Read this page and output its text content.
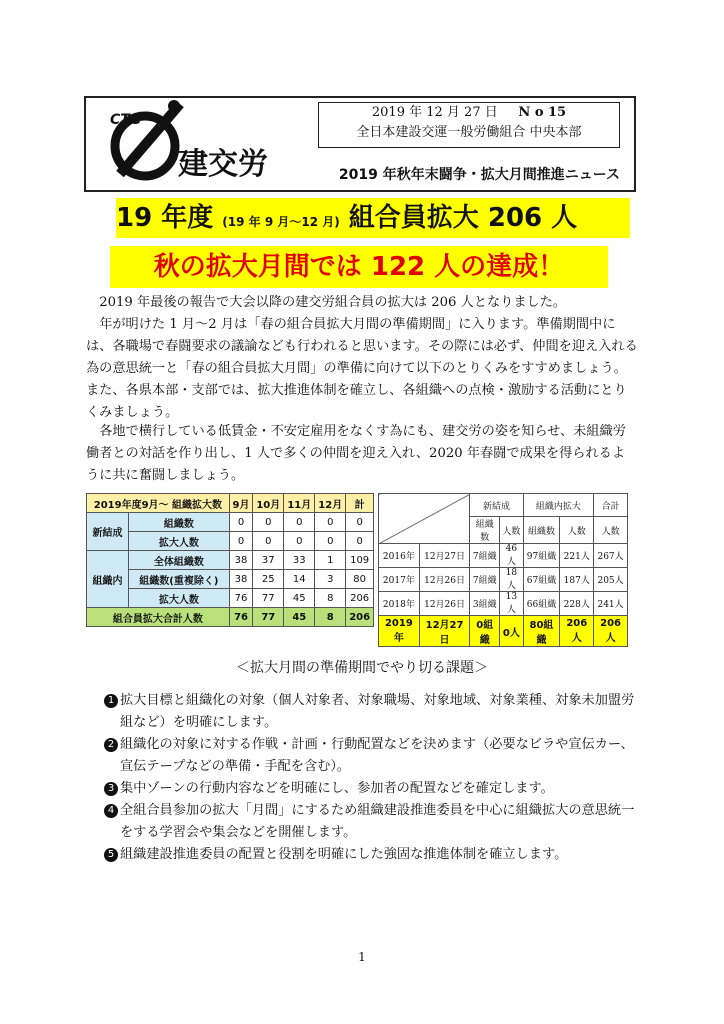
CTG
建交労
2019 年 12 月 27 日 N o 15
全日本建設交運一般労働組合 中央本部
2019 年秋年末闘争・拡大月間推進ニュース
19 年度 (19 年 9 月〜12 月) 組合員拡大 206 人
秋の拡大月間では 122 人の達成！

2019 年最後の報告で大会以降の建交労組合員の拡大は 206 人となりました。

年が明けた 1 月〜2 月は「春の組合員拡大月間の準備期間」に入ります。準備期間中には、各職場で春闘要求の議論なども行われると思います。その際には必ず、仲間を迎え入れる為の意思統一と「春の組合員拡大月間」の準備に向けて以下のとりくみをすすめましょう。また、各県本部・支部では、拡大推進体制を確立し、各組織への点検・激励する活動にとりくみましょう。

各地で横行している低賃金・不安定雇用をなくす為にも、建交労の姿を知らせ、未組織労働者との対話を作り出し、1 人で多くの仲間を迎え入れ、2020 年春闘で成果を得られるように共に奮闘しましょう。

2019年度9月〜 組織拡大数		9月	10月	11月	12月	計
新結成	組織数	0	0	0	0	0
	拡大人数	0	0	0	0	0
組織内	全体組織数	38	37	33	1	109
	組織数(重複除く)	38	25	14	3	80
	拡大人数	76	77	45	8	206
組合員拡大合計人数		76	77	45	8	206
		新結成		組織内拡大		合計
		組織数	人数	組織数	人数	人数
2016年	12月27日	7組織	46人	97組織	221人	267人
2017年	12月26日	7組織	18人	67組織	187人	205人
2018年	12月26日	3組織	13人	66組織	228人	241人
2019年	12月27日	0組織	0人	80組織	206人	206人
＜拡大月間の準備期間でやり切る課題＞
1 拡大目標と組織化の対象（個人対象者、対象職場、対象地域、対象業種、対象未加盟労組など）を明確にします。
2 組織化の対象に対する作戦・計画・行動配置などを決めます（必要なビラや宣伝カー、宣伝テープなどの準備・手配を含む）。
3 集中ゾーンの行動内容などを明確にし、参加者の配置などを確定します。
4 全組合員参加の拡大「月間」にするため組織建設推進委員を中心に組織拡大の意思統一をする学習会や集会などを開催します。
5 組織建設推進委員の配置と役割を明確にした強固な推進体制を確立します。
1
